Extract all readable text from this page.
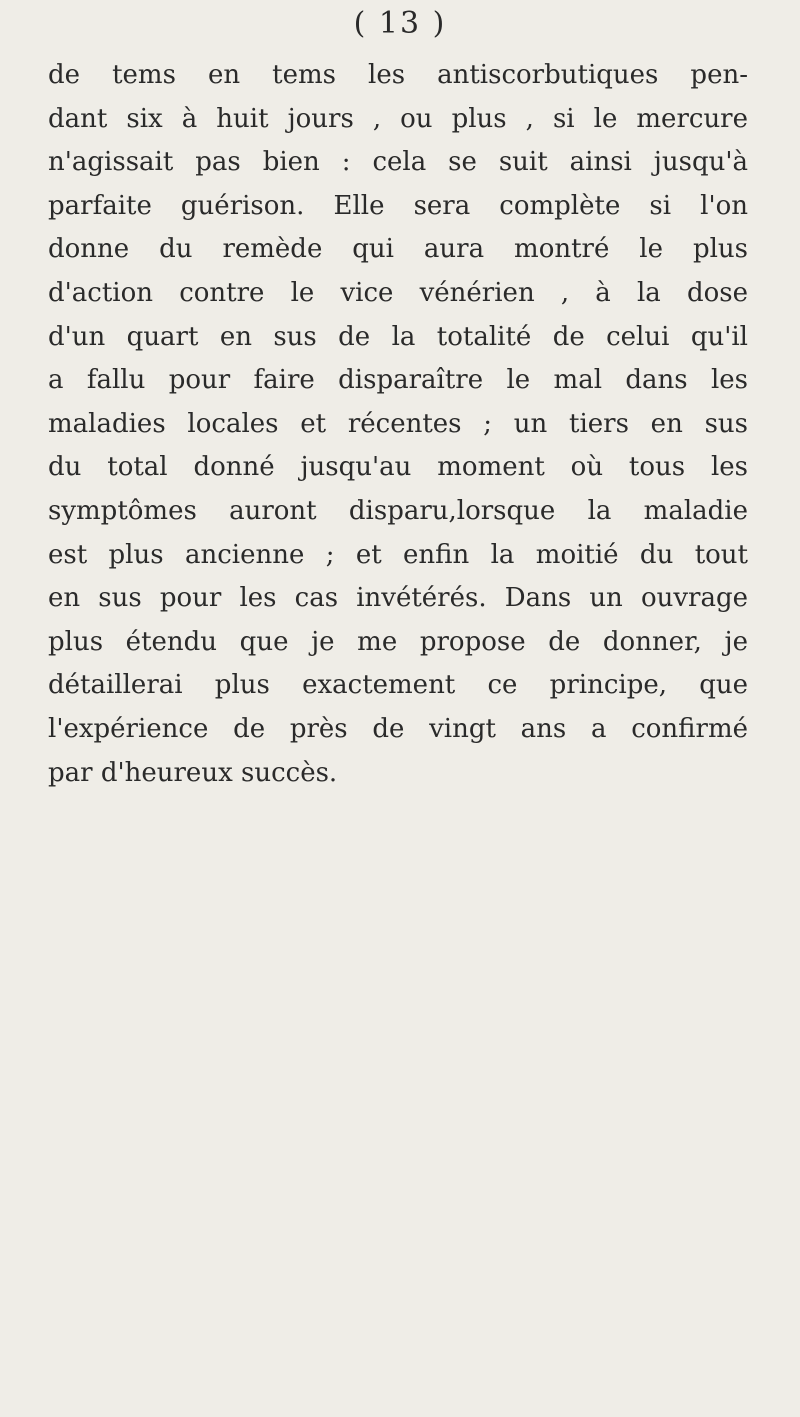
( 13 )
de tems en tems les antiscorbutiques pen-
dant six à huit jours , ou plus , si le mercure
n'agissait pas bien : cela se suit ainsi jusqu'à
parfaite guérison. Elle sera complète si l'on
donne du remède qui aura montré le plus
d'action contre le vice vénérien , à la dose
d'un quart en sus de la totalité de celui qu'il
a fallu pour faire disparaître le mal dans les
maladies locales et récentes ; un tiers en sus
du total donné jusqu'au moment où tous les
symptômes auront disparu,lorsque la maladie
est plus ancienne ; et enfin la moitié du tout
en sus pour les cas invétérés. Dans un ouvrage
plus étendu que je me propose de donner, je
détaillerai plus exactement ce principe, que
l'expérience de près de vingt ans a confirmé
par d'heureux succès.
